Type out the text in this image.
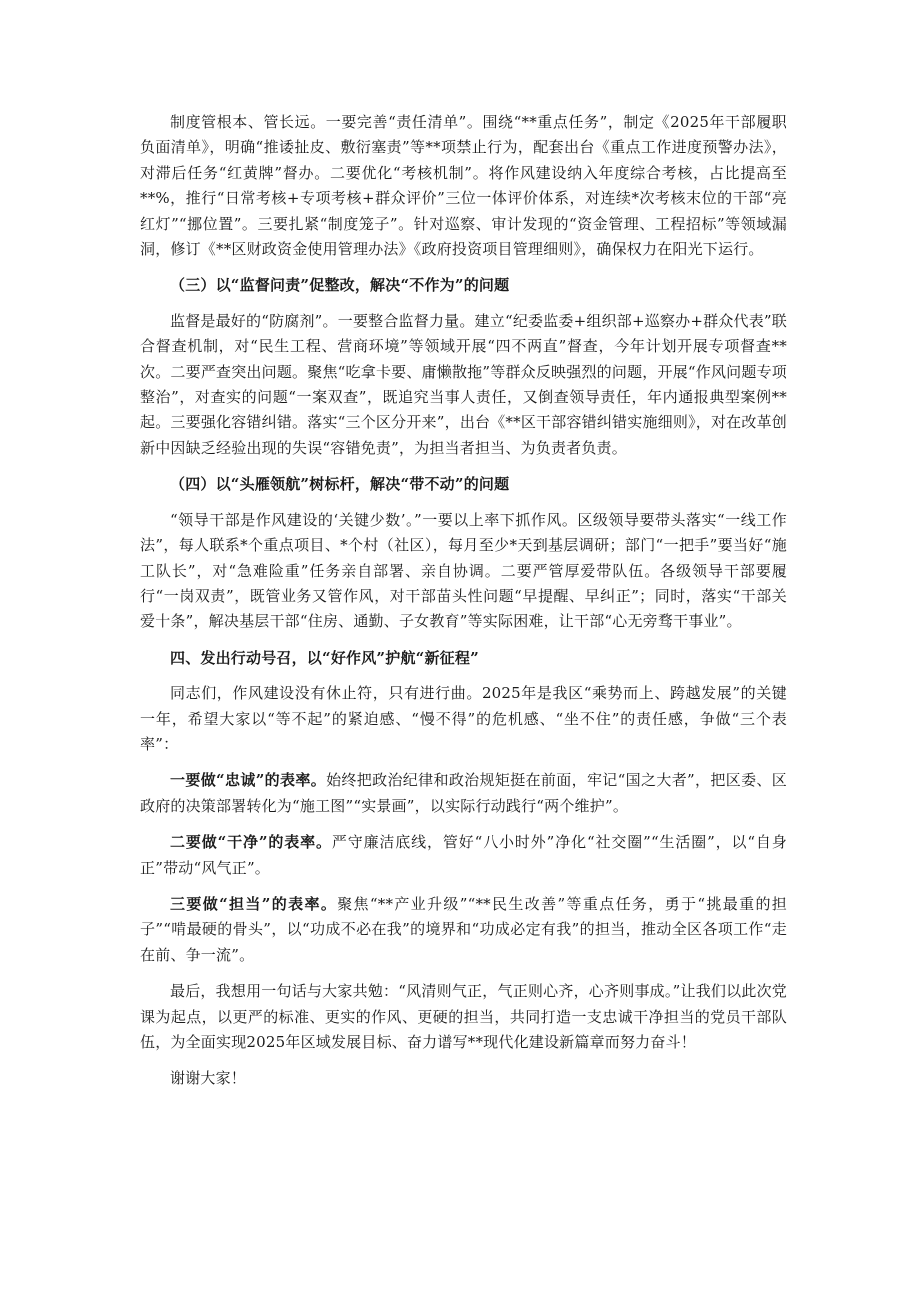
制度管根本、管长远。一要完善“责任清单”。围绕“**重点任务”，制定《2025年干部履职负面清单》，明确“推诿扯皮、敷衍塞责”等**项禁止行为，配套出台《重点工作进度预警办法》，对滞后任务“红黄牌”督办。二要优化“考核机制”。将作风建设纳入年度综合考核，占比提高至**%，推行“日常考核+专项考核+群众评价”三位一体评价体系，对连续*次考核末位的干部“亮红灯”“挪位置”。三要扎紧“制度笼子”。针对巡察、审计发现的“资金管理、工程招标”等领域漏洞，修订《**区财政资金使用管理办法》《政府投资项目管理细则》，确保权力在阳光下运行。

（三）以“监督问责”促整改，解决“不作为”的问题

监督是最好的“防腐剂”。一要整合监督力量。建立“纪委监委+组织部+巡察办+群众代表”联合督查机制，对“民生工程、营商环境”等领域开展“四不两直”督查，今年计划开展专项督查**次。二要严查突出问题。聚焦“吃拿卡要、庸懒散拖”等群众反映强烈的问题，开展“作风问题专项整治”，对查实的问题“一案双查”，既追究当事人责任，又倒查领导责任，年内通报典型案例**起。三要强化容错纠错。落实“三个区分开来”，出台《**区干部容错纠错实施细则》，对在改革创新中因缺乏经验出现的失误“容错免责”，为担当者担当、为负责者负责。

（四）以“头雁领航”树标杆，解决“带不动”的问题

“领导干部是作风建设的‘关键少数’。”一要以上率下抓作风。区级领导要带头落实“一线工作法”，每人联系*个重点项目、*个村（社区），每月至少*天到基层调研；部门“一把手”要当好“施工队长”，对“急难险重”任务亲自部署、亲自协调。二要严管厚爱带队伍。各级领导干部要履行“一岗双责”，既管业务又管作风，对干部苗头性问题“早提醒、早纠正”；同时，落实“干部关爱十条”，解决基层干部“住房、通勤、子女教育”等实际困难，让干部“心无旁骛干事业”。

四、发出行动号召，以“好作风”护航“新征程”

同志们，作风建设没有休止符，只有进行曲。2025年是我区“乘势而上、跨越发展”的关键一年，希望大家以“等不起”的紧迫感、“慢不得”的危机感、“坐不住”的责任感，争做“三个表率”：

一要做“忠诚”的表率。始终把政治纪律和政治规矩挺在前面，牢记“国之大者”，把区委、区政府的决策部署转化为“施工图”“实景画”，以实际行动践行“两个维护”。

二要做“干净”的表率。严守廉洁底线，管好“八小时外”净化“社交圈”“生活圈”，以“自身正”带动“风气正”。

三要做“担当”的表率。聚焦“**产业升级”“**民生改善”等重点任务，勇于“挑最重的担子”“啃最硬的骨头”，以“功成不必在我”的境界和“功成必定有我”的担当，推动全区各项工作“走在前、争一流”。

最后，我想用一句话与大家共勉：“风清则气正，气正则心齐，心齐则事成。”让我们以此次党课为起点，以更严的标准、更实的作风、更硬的担当，共同打造一支忠诚干净担当的党员干部队伍，为全面实现2025年区域发展目标、奋力谱写**现代化建设新篇章而努力奋斗！

谢谢大家！
